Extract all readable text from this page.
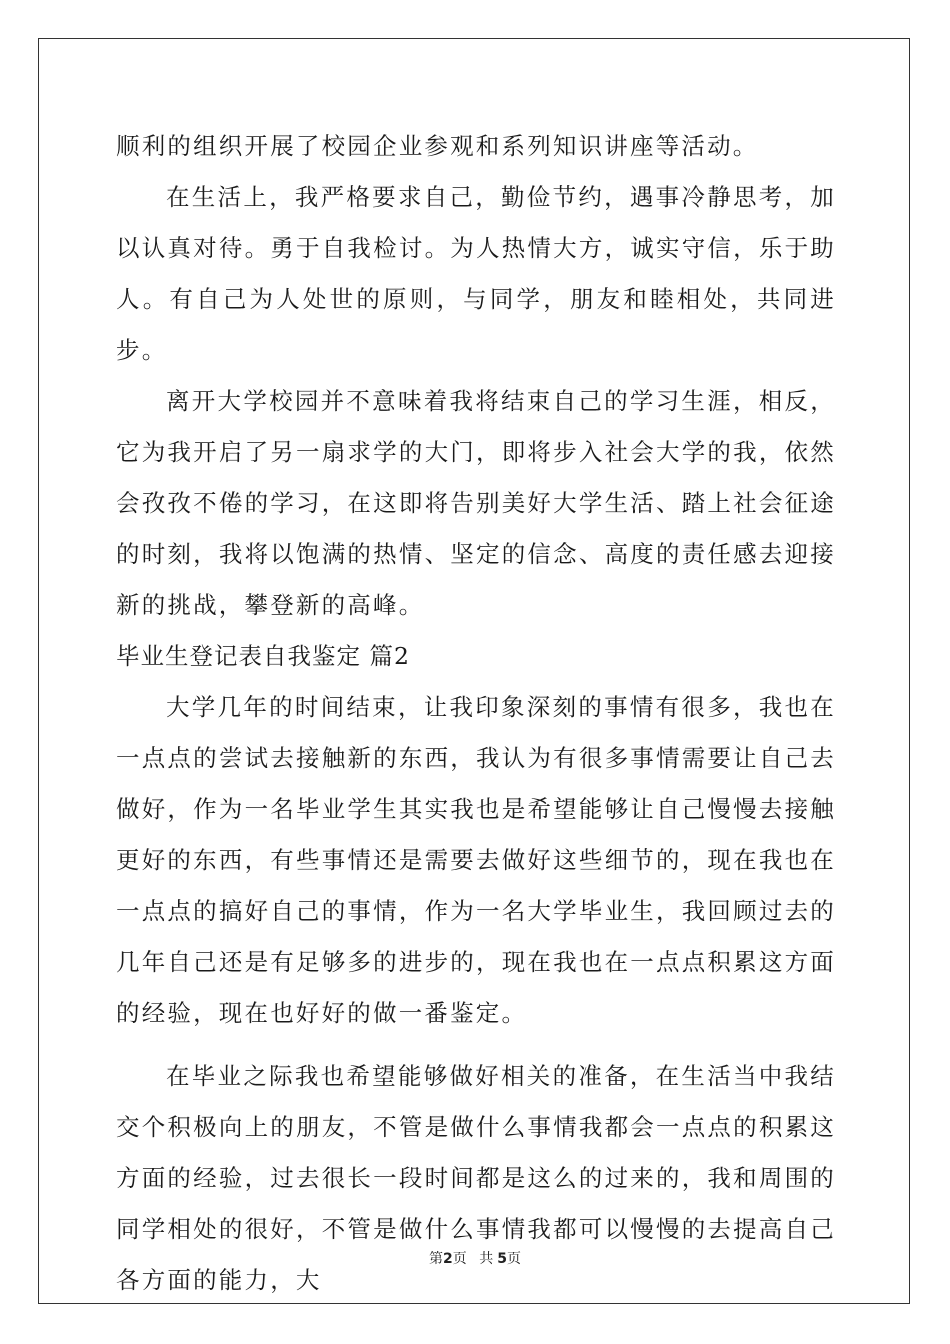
顺利的组织开展了校园企业参观和系列知识讲座等活动。

在生活上，我严格要求自己，勤俭节约，遇事冷静思考，加以认真对待。勇于自我检讨。为人热情大方，诚实守信，乐于助人。有自己为人处世的原则，与同学，朋友和睦相处，共同进步。

离开大学校园并不意味着我将结束自己的学习生涯，相反，它为我开启了另一扇求学的大门，即将步入社会大学的我，依然会孜孜不倦的学习，在这即将告别美好大学生活、踏上社会征途的时刻，我将以饱满的热情、坚定的信念、高度的责任感去迎接新的挑战，攀登新的高峰。

毕业生登记表自我鉴定 篇2

大学几年的时间结束，让我印象深刻的事情有很多，我也在一点点的尝试去接触新的东西，我认为有很多事情需要让自己去做好，作为一名毕业学生其实我也是希望能够让自己慢慢去接触更好的东西，有些事情还是需要去做好这些细节的，现在我也在一点点的搞好自己的事情，作为一名大学毕业生，我回顾过去的几年自己还是有足够多的进步的，现在我也在一点点积累这方面的经验，现在也好好的做一番鉴定。

在毕业之际我也希望能够做好相关的准备，在生活当中我结交个积极向上的朋友，不管是做什么事情我都会一点点的积累这方面的经验，过去很长一段时间都是这么的过来的，我和周围的同学相处的很好，不管是做什么事情我都可以慢慢的去提高自己各方面的能力，大

第2页 共 5页
